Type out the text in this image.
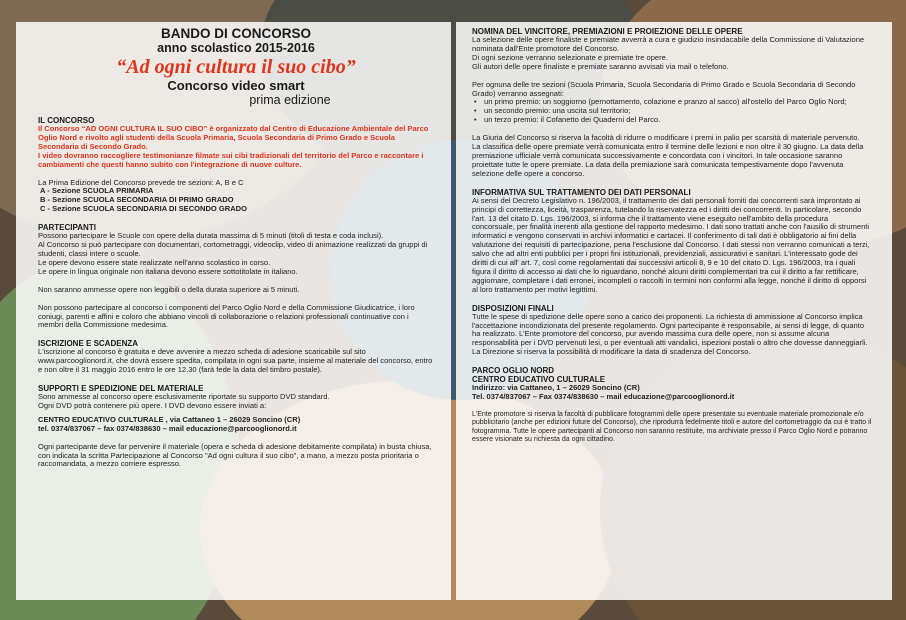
BANDO DI CONCORSO
anno scolastico 2015-2016
“Ad ogni cultura il suo cibo”
Concorso video smart
prima edizione
IL CONCORSO

Il Concorso “AD OGNI CULTURA IL SUO CIBO” è organizzato dal Centro di Educazione Ambientale del Parco Oglio Nord e rivolto agli studenti della Scuola Primaria, Scuola Secondaria di Primo Grado e Scuola Secondaria di Secondo Grado.

I video dovranno raccogliere testimonianze filmate sui cibi tradizionali del territorio del Parco e raccontare i cambiamenti che questi hanno subito con l'integrazione di nuove culture.

La Prima Edizione del Concorso prevede tre sezioni: A, B e C

A - Sezione SCUOLA PRIMARIA

B - Sezione SCUOLA SECONDARIA DI PRIMO GRADO

C - Sezione SCUOLA SECONDARIA DI SECONDO GRADO

PARTECIPANTI

Possono partecipare le Scuole con opere della durata massima di 5 minuti (titoli di testa e coda inclusi).

Al Concorso si può partecipare con documentari, cortometraggi, videoclip, video di animazione realizzati da gruppi di studenti, classi intere o scuole.

Le opere devono essere state realizzate nell'anno scolastico in corso.

Le opere in lingua originale non italiana devono essere sottotitolate in italiano.

Non saranno ammesse opere non leggibili o della durata superiore ai 5 minuti.

Non possono partecipare al concorso i componenti del Parco Oglio Nord e della Commissione Giudicatrice, i loro coniugi, parenti e affini e coloro che abbiano vincoli di collaborazione o relazioni professionali continuative con i membri della Commissione medesima.

ISCRIZIONE E SCADENZA

L'iscrizione al concorso è gratuita e deve avvenire a mezzo scheda di adesione scaricabile sul sito www.parcooglionord.it, che dovrà essere spedita, compilata in ogni sua parte, insieme al materiale del concorso, entro e non oltre il 31 maggio 2016 entro le ore 12.30 (farà fede la data del timbro postale).

SUPPORTI E SPEDIZIONE DEL MATERIALE

Sono ammesse al concorso opere esclusivamente riportate su supporto DVD standard.

Ogni DVD potrà contenere più opere. I DVD devono essere inviati a:

CENTRO EDUCATIVO CULTURALE , via Cattaneo 1 – 26029 Soncino (CR)

tel. 0374/837067 – fax 0374/838630 – mail educazione@parcooglionord.it

Ogni partecipante deve far pervenire il materiale (opera e scheda di adesione debitamente compilata) in busta chiusa, con indicata la scritta Partecipazione al Concorso "Ad ogni cultura il suo cibo", a mano, a mezzo posta prioritaria o raccomandata, a mezzo corriere espresso.

NOMINA DEL VINCITORE, PREMIAZIONI E PROIEZIONE DELLE OPERE

La selezione delle opere finaliste e premiate avverrà a cura e giudizio insindacabile della Commissione di Valutazione nominata dall'Ente promotore del Concorso.

Di ogni sezione verranno selezionate e premiate tre opere.

Gli autori delle opere finaliste e premiate saranno avvisati via mail o telefono.

Per ognuna delle tre sezioni (Scuola Primaria, Scuola Secondaria di Primo Grado e Scuola Secondaria di Secondo Grado) verranno assegnati:

• un primo premio: un soggiorno (pernottamento, colazione e pranzo al sacco) all'ostello del Parco Oglio Nord;
• un secondo premio: una uscita sul territorio;
• un terzo premio: il Cofanetto dei Quaderni del Parco.

La Giuria del Concorso si riserva la facoltà di ridurre o modificare i premi in palio per scarsità di materiale pervenuto.

La classifica delle opere premiate verrà comunicata entro il termine delle lezioni e non oltre il 30 giugno. La data della premiazione ufficiale verrà comunicata successivamente e concordata con i vincitori. In tale occasione saranno proiettate tutte le opere premiate. La data della premiazione sarà comunicata tempestivamente dopo l'avvenuta selezione delle opere a concorso.

INFORMATIVA SUL TRATTAMENTO DEI DATI PERSONALI

Ai sensi del Decreto Legislativo n. 196/2003, il trattamento dei dati personali forniti dai concorrenti sarà improntato ai principi di correttezza, liceità, trasparenza, tutelando la riservatezza ed i diritti dei concorrenti. In particolare, secondo l'art. 13 del citato D. Lgs. 196/2003, si informa che il trattamento viene eseguito nell'ambito della procedura concorsuale, per finalità inerenti alla gestione del rapporto medesimo. I dati sono trattati anche con l'ausilio di strumenti informatici e vengono conservati in archivi informatici e cartacei. Il conferimento di tali dati è obbligatorio ai fini della valutazione dei requisiti di partecipazione, pena l'esclusione dal Concorso. I dati stessi non verranno comunicati a terzi, salvo che ad altri enti pubblici per i propri fini istituzionali, previdenziali, assicurativi e sanitari. L'interessato gode dei diritti di cui all' art. 7, così come regolamentati dai successivi articoli 8, 9 e 10 del citato D. Lgs. 196/2003, tra i quali figura il diritto di accesso ai dati che lo riguardano, nonché alcuni diritti complementari tra cui il diritto a far rettificare, aggiornare, completare i dati erronei, incompleti o raccolti in termini non conformi alla legge, nonché il diritto di opporsi al loro trattamento per motivi legittimi.

DISPOSIZIONI FINALI

Tutte le spese di spedizione delle opere sono a carico dei proponenti. La richiesta di ammissione al Concorso implica l'accettazione incondizionata del presente regolamento. Ogni partecipante è responsabile, ai sensi di legge, di quanto ha realizzato. L'Ente promotore del concorso, pur avendo massima cura delle opere, non si assume alcuna responsabilità per i DVD pervenuti lesi, o per eventuali atti vandalici, ispezioni postali o altro che dovesse danneggiarli. La Direzione si riserva la possibilità di modificare la data di scadenza del Concorso.

PARCO OGLIO NORD
CENTRO EDUCATIVO CULTURALE

Indirizzo: via Cattaneo, 1 – 26029 Soncino (CR)

Tel. 0374/837067 – Fax 0374/838630 – mail educazione@parcooglionord.it

L'Ente promotore si riserva la facoltà di pubblicare fotogrammi delle opere presentate su eventuale materiale promozionale e/o pubblicitario (anche per edizioni future del Concorso), che riprodurrà fedelmente titoli e autore del cortometraggio da cui è tratto il fotogramma. Tutte le opere partecipanti al Concorso non saranno restituite, ma archiviate presso il Parco Oglio Nord e potranno essere visionate su richiesta da ogni cittadino.
